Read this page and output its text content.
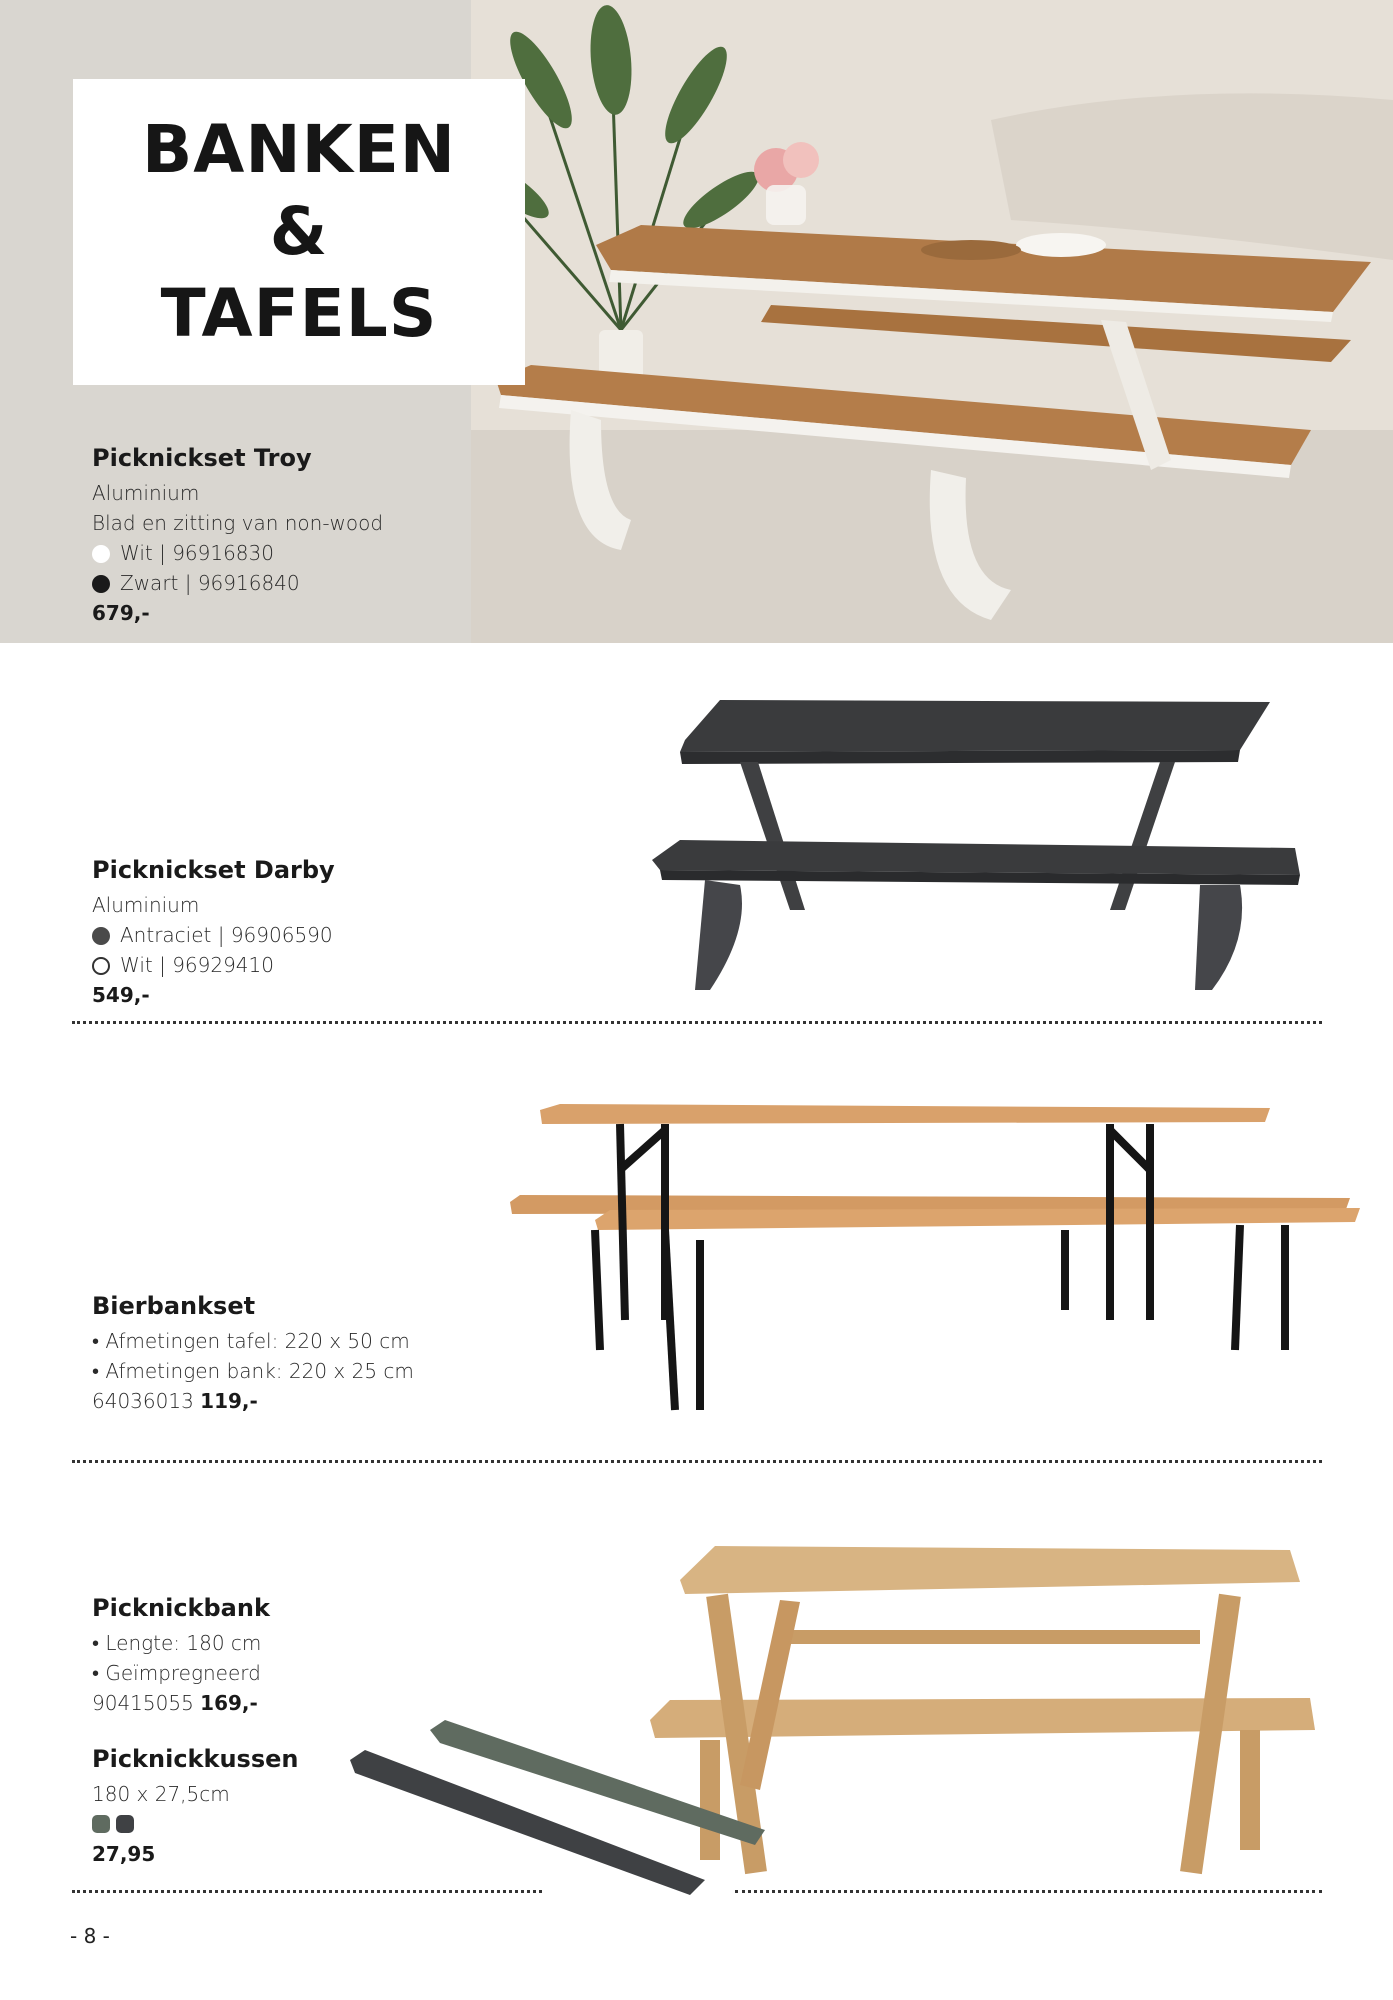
BANKEN
&
TAFELS
Picknickset Troy
Aluminium
Blad en zitting van non-wood
Wit | 96916830
Zwart | 96916840
679,-
Picknickset Darby
Aluminium
Antraciet | 96906590
Wit | 96929410
549,-
Bierbankset
• Afmetingen tafel: 220 x 50 cm
• Afmetingen bank: 220 x 25 cm
64036013 119,-
Picknickbank
• Lengte: 180 cm
• Geïmpregneerd
90415055 169,-
Picknickkussen
180 x 27,5cm
27,95
- 8 -
